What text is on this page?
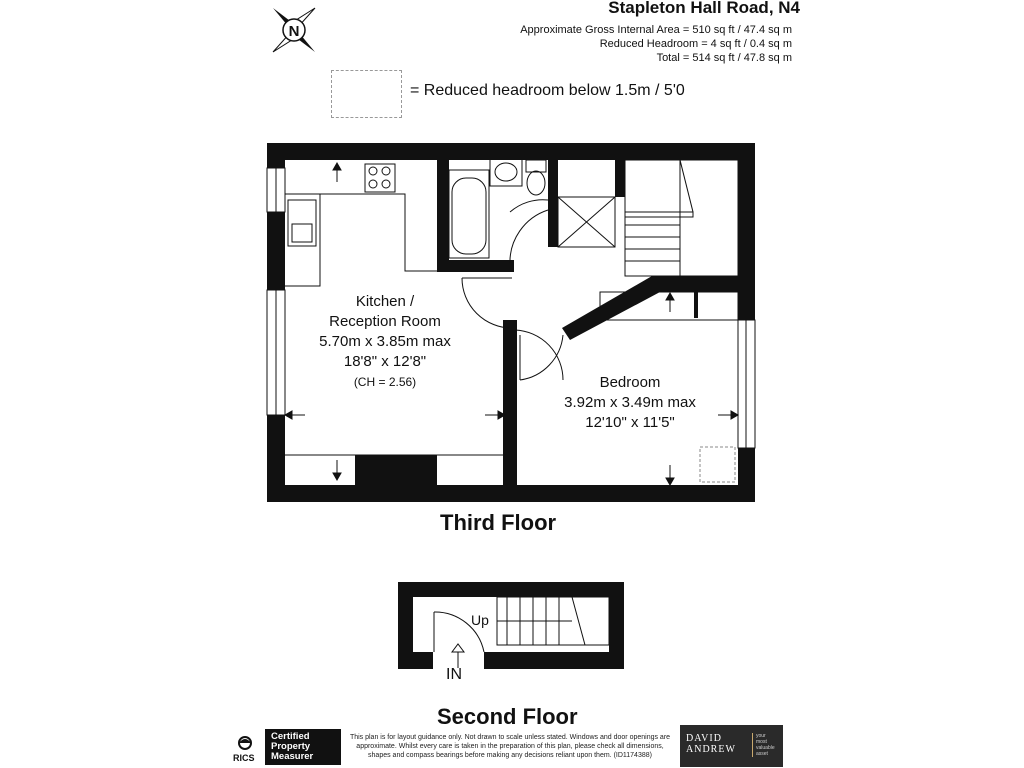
Stapleton Hall Road, N4
Approximate Gross Internal Area = 510 sq ft / 47.4 sq m
Reduced Headroom = 4 sq ft / 0.4 sq m
Total = 514 sq ft / 47.8 sq m
N
= Reduced headroom below 1.5m / 5'0
Kitchen /
Reception Room
5.70m x 3.85m max
18'8" x 12'8"
(CH = 2.56)	Bedroom
3.92m x 3.49m max
12'10" x 11'5"
Third Floor
Up
IN
Second Floor
RICS
Certified
Property
Measurer
This plan is for layout guidance only. Not drawn to scale unless stated. Windows and door openings are approximate. Whilst every care is taken in the preparation of this plan, please check all dimensions, shapes and compass bearings before making any decisions reliant upon them. (ID1174388)
DAVID
ANDREW
your
most
valuable
asset
